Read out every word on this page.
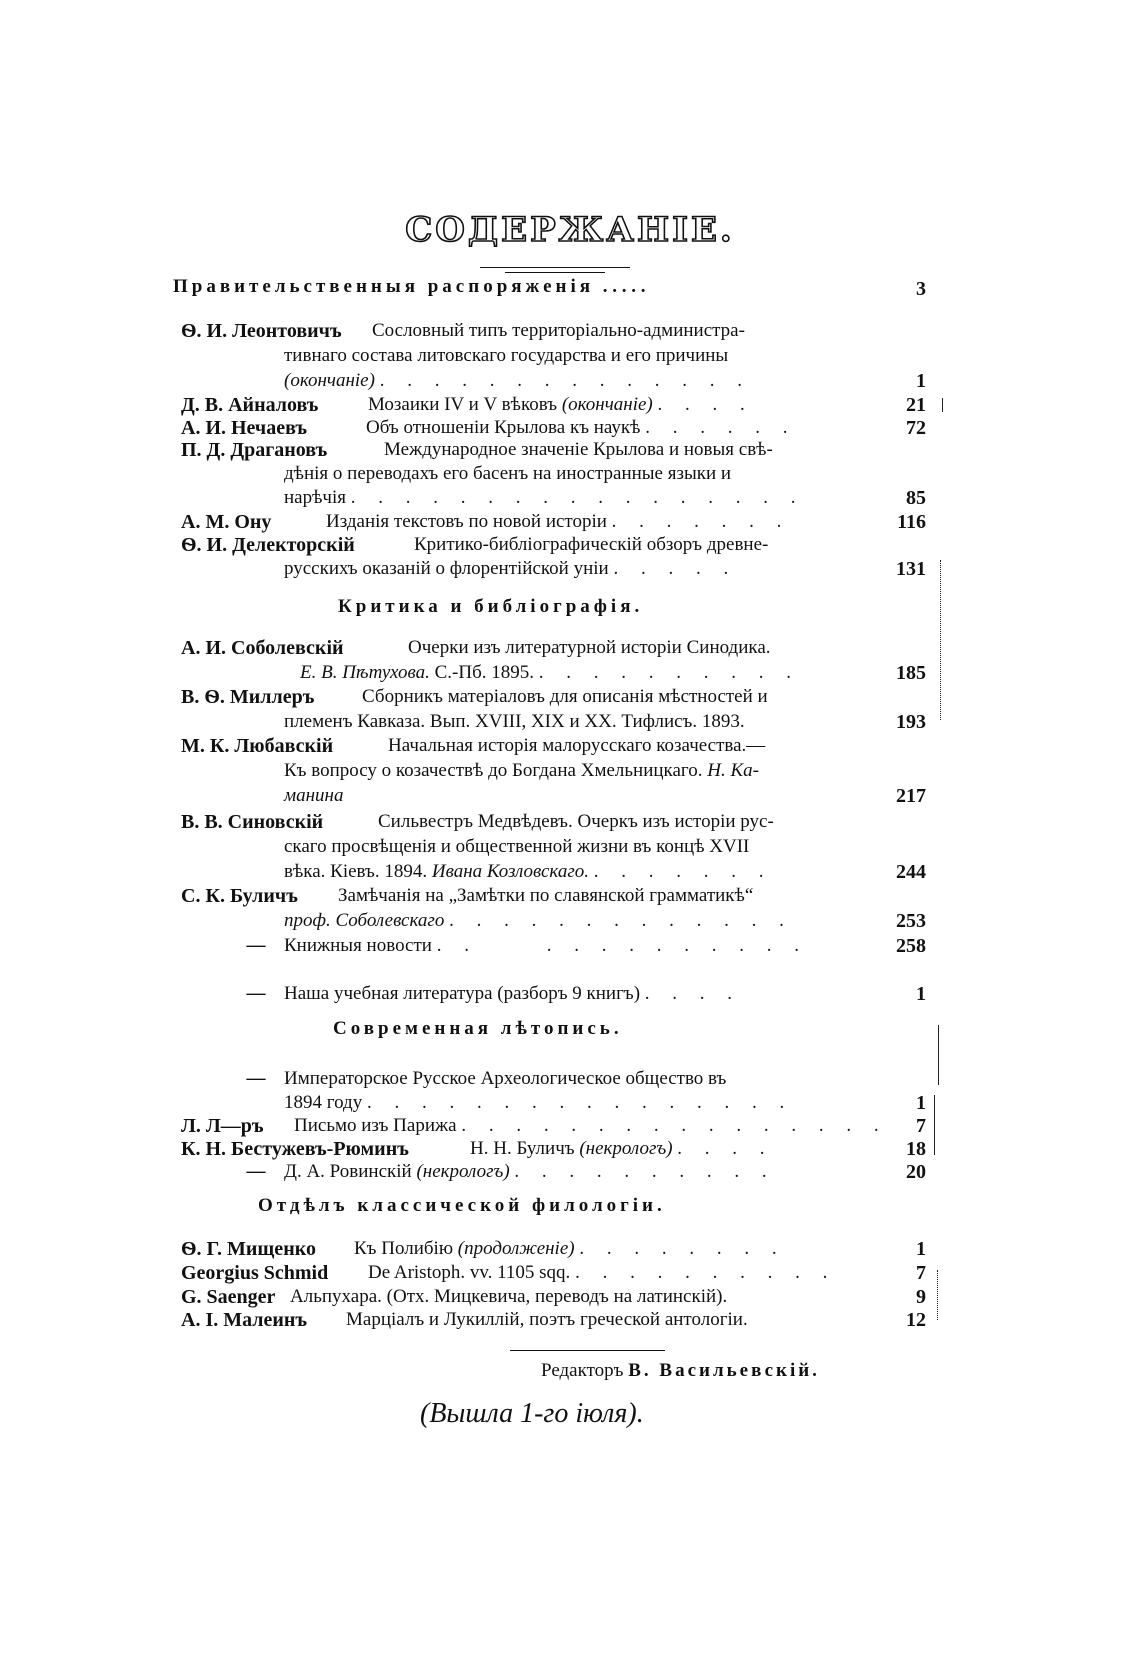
СОДЕРЖАНІЕ.
Правительственныя распоряженія . . . . .	3
Ѳ. И. Леонтовичъ Сословный типъ территоріально-администра-
тивнаго состава литовскаго государства и его причины
(окончаніе) . . . . . . . . . . . . . .	1
Д. В. Айналовъ	Мозаики IV и V вѣковъ (окончаніе) . . . .	21
А. И. Нечаевъ	Объ отношеніи Крылова къ наукѣ . . . . . .	72
П. Д. Драгановъ	Международное значеніе Крылова и новыя свѣ-
дѣнія о переводахъ его басенъ на иностранные языки и
нарѣчія . . . . . . . . . . . . . . . . .	85
А. М. Ону	Изданія текстовъ по новой исторіи . . . . . . .	116
Ѳ. И. Делекторскій	Критико-библіографическій обзоръ древне-
русскихъ оказаній о флорентійской уніи . . . . .	131
Критика и библіографія.
А. И. Соболевскій	Очерки изъ литературной исторіи Синодика.
Е. В. Пѣтухова. С.-Пб. 1895. . . . . . . . . . .	185
В. Ѳ. Миллеръ	Сборникъ матеріаловъ для описанія мѣстностей и
племенъ Кавказа. Вып. XVIII, XIX и XX. Тифлисъ. 1893.	193
М. К. Любавскій	Начальная исторія малорусскаго козачества.—
Къ вопросу о козачествѣ до Богдана Хмельницкаго. Н. Ка-
манина	217
В. В. Синовскій	Сильвестръ Медвѣдевъ. Очеркъ изъ исторіи рус-
скаго просвѣщенія и общественной жизни въ концѣ XVII
вѣка. Кіевъ. 1894. Ивана Козловскаго. . . . . . . .	244
С. К. Буличъ	Замѣчанія на „Замѣтки по славянской грамматикѣ“
проф. Соболевскаго . . . . . . . . . . . . .	253
— Книжныя новости . .     . . . . . . . . . .	258
— Наша учебная литература (разборъ 9 книгъ) . . . .	1
Современная лѣтопись.
— Императорское Русское Археологическое общество въ
1894 году . . . . . . . . . . . . . . . .	1
Л. Л—ръ	Письмо изъ Парижа . . . . . . . . . . . . . . . .	7
К. Н. Бестужевъ-Рюминъ	Н. Н. Буличъ (некрологъ) . . . .	18
— Д. А. Ровинскій (некрологъ) . . . . . . . . . .	20
Отдѣлъ классической филологіи.
Ѳ. Г. Мищенко	Къ Полибію (продолженіе) . . . . . . . .	1
Georgius Schmid	De Aristoph. vv. 1105 sqq. . . . . . . . . . .	7
G. Saenger Альпухара. (Отх. Мицкевича, переводъ на латинскій).	9
А. I. Малеинъ	Марціалъ и Лукиллій, поэтъ греческой антологіи.	12
Редакторъ В. Васильевскій.
(Вышла 1-го іюля).
